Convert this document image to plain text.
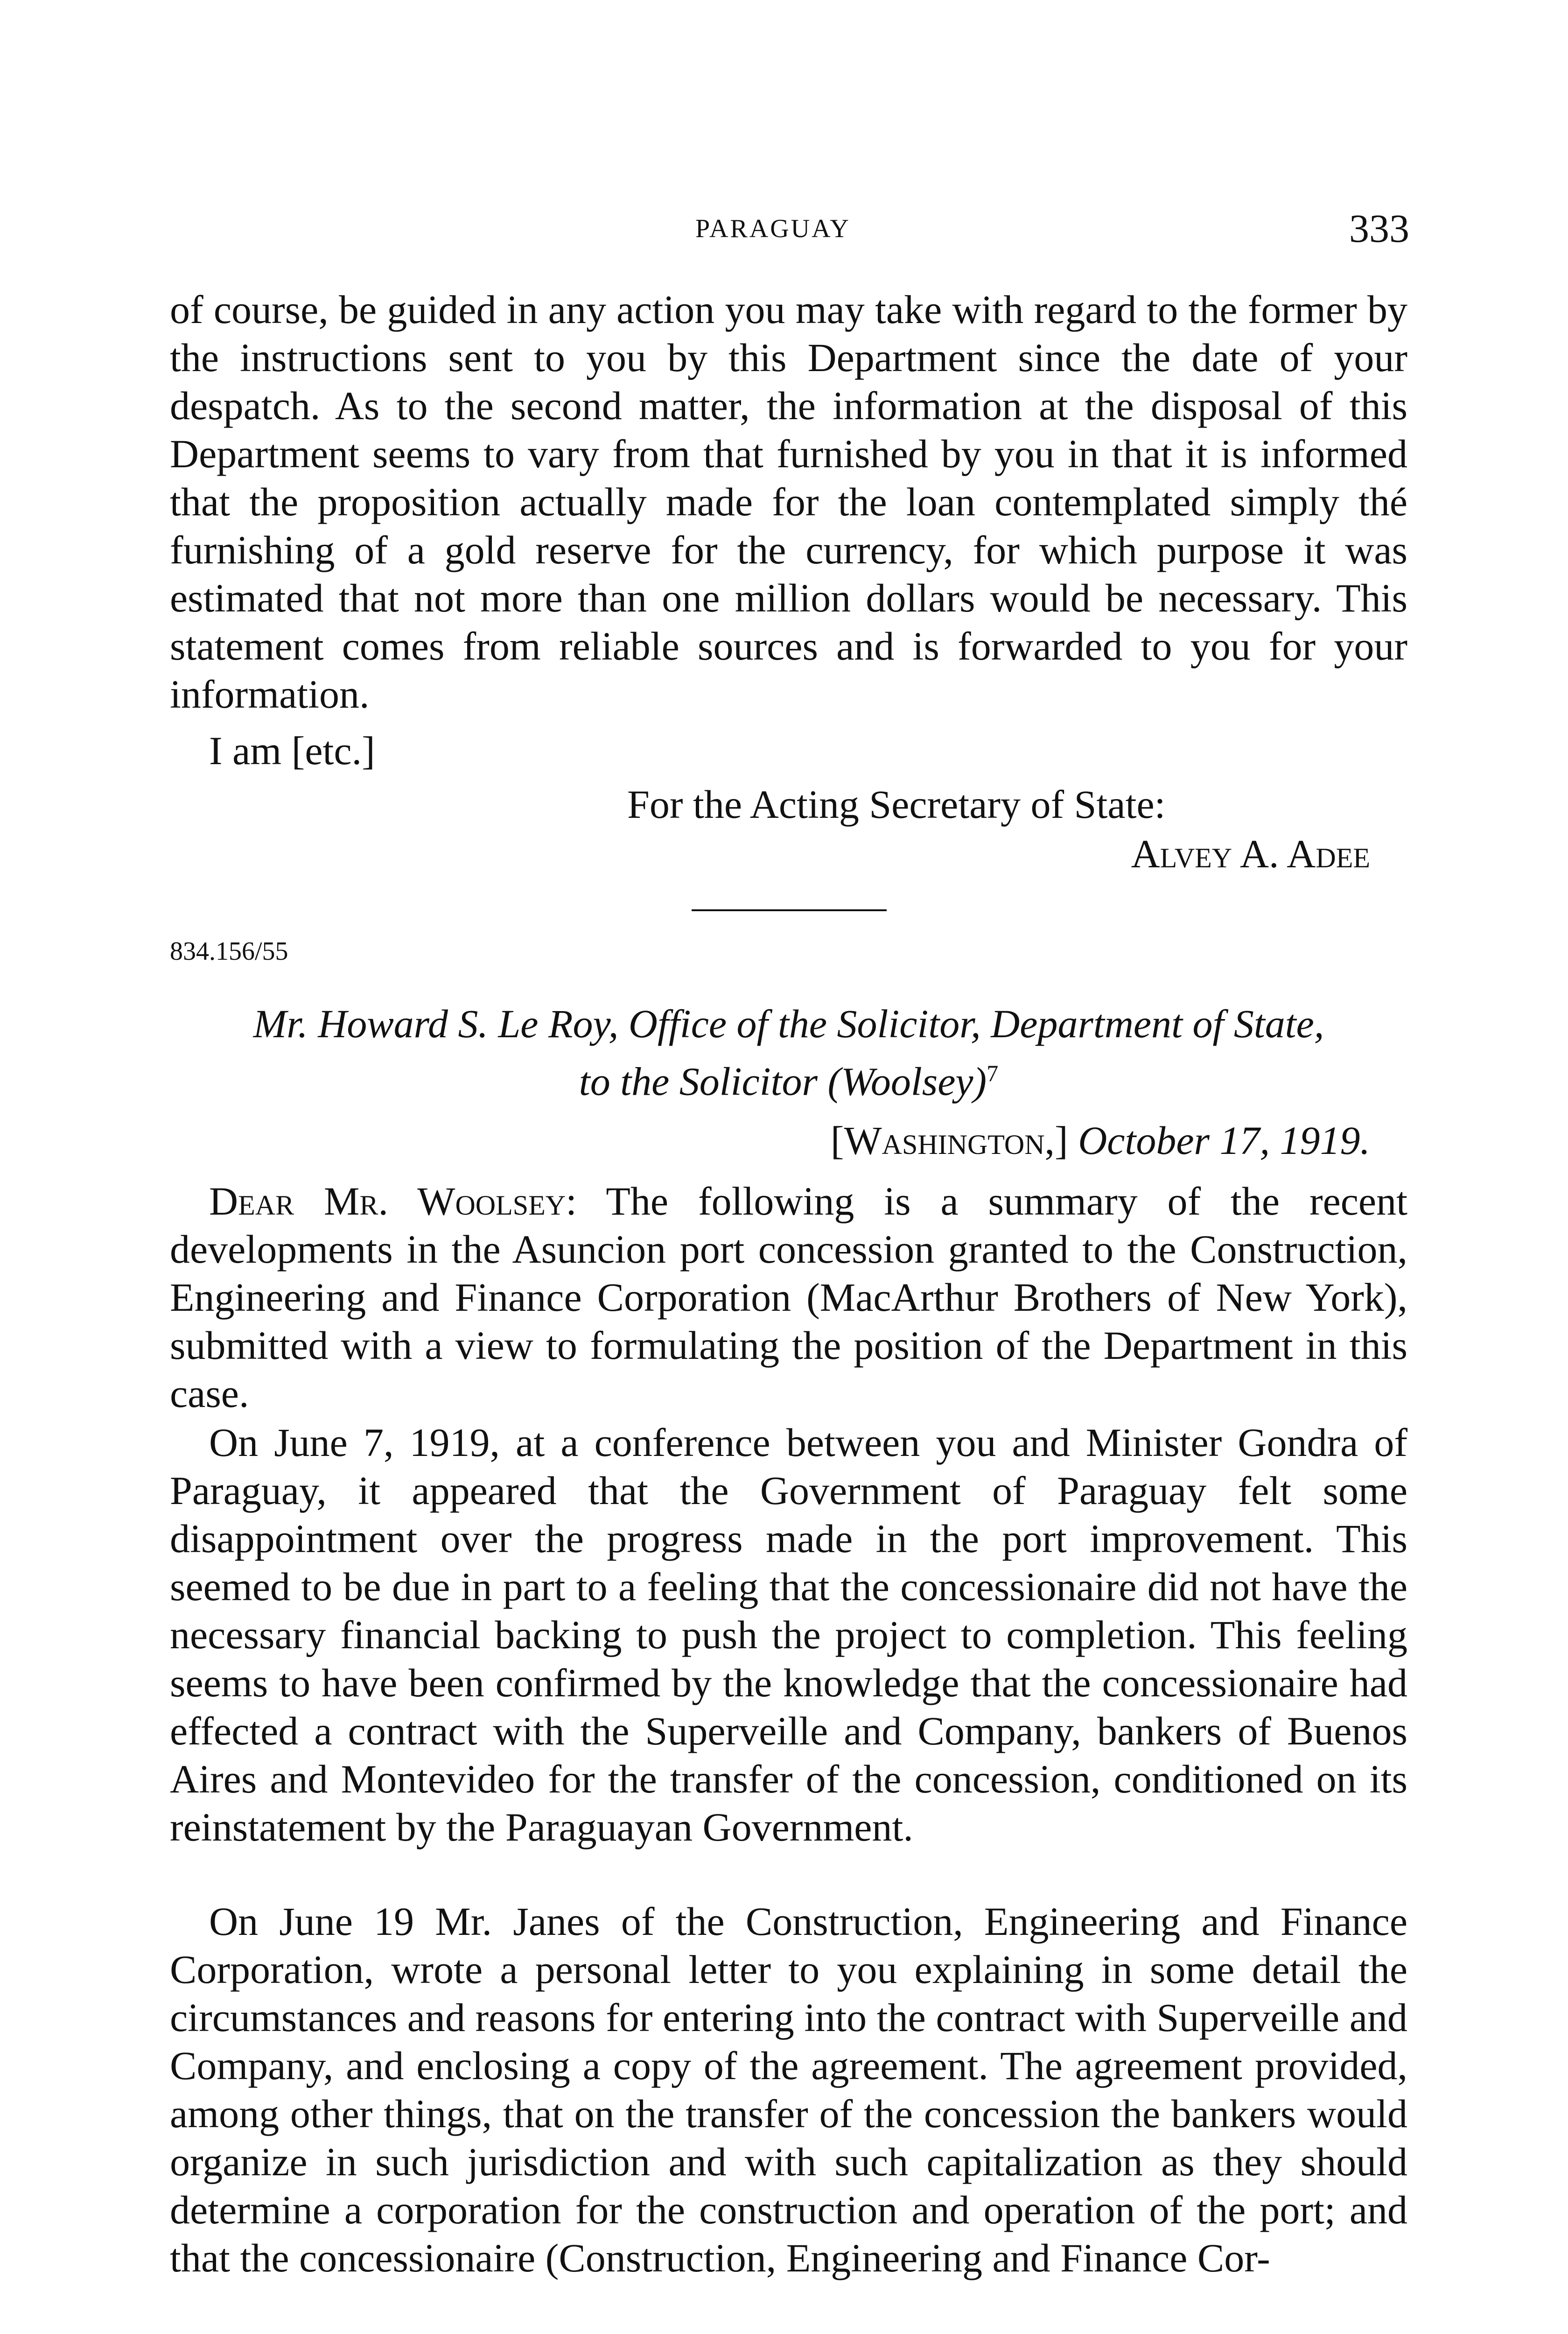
PARAGUAY	333

of course, be guided in any action you may take with regard to the former by the instructions sent to you by this Department since the date of your despatch. As to the second matter, the information at the disposal of this Department seems to vary from that furnished by you in that it is informed that the proposition actually made for the loan contemplated simply thé furnishing of a gold reserve for the currency, for which purpose it was estimated that not more than one million dollars would be necessary. This statement comes from reliable sources and is forwarded to you for your information.

I am [etc.]
For the Acting Secretary of State:
Alvey A. Adee
834.156/55
Mr. Howard S. Le Roy, Office of the Solicitor, Department of State,
to the Solicitor (Woolsey)$^7$
[Washington,] October 17, 1919.

Dear Mr. Woolsey: The following is a summary of the recent developments in the Asuncion port concession granted to the Construction, Engineering and Finance Corporation (MacArthur Brothers of New York), submitted with a view to formulating the position of the Department in this case.

On June 7, 1919, at a conference between you and Minister Gondra of Paraguay, it appeared that the Government of Paraguay felt some disappointment over the progress made in the port improvement. This seemed to be due in part to a feeling that the concessionaire did not have the necessary financial backing to push the project to completion. This feeling seems to have been confirmed by the knowledge that the concessionaire had effected a contract with the Superveille and Company, bankers of Buenos Aires and Montevideo for the transfer of the concession, conditioned on its reinstatement by the Paraguayan Government.

On June 19 Mr. Janes of the Construction, Engineering and Finance Corporation, wrote a personal letter to you explaining in some detail the circumstances and reasons for entering into the contract with Superveille and Company, and enclosing a copy of the agreement. The agreement provided, among other things, that on the transfer of the concession the bankers would organize in such jurisdiction and with such capitalization as they should determine a corporation for the construction and operation of the port; and that the concessionaire (Construction, Engineering and Finance Cor-
